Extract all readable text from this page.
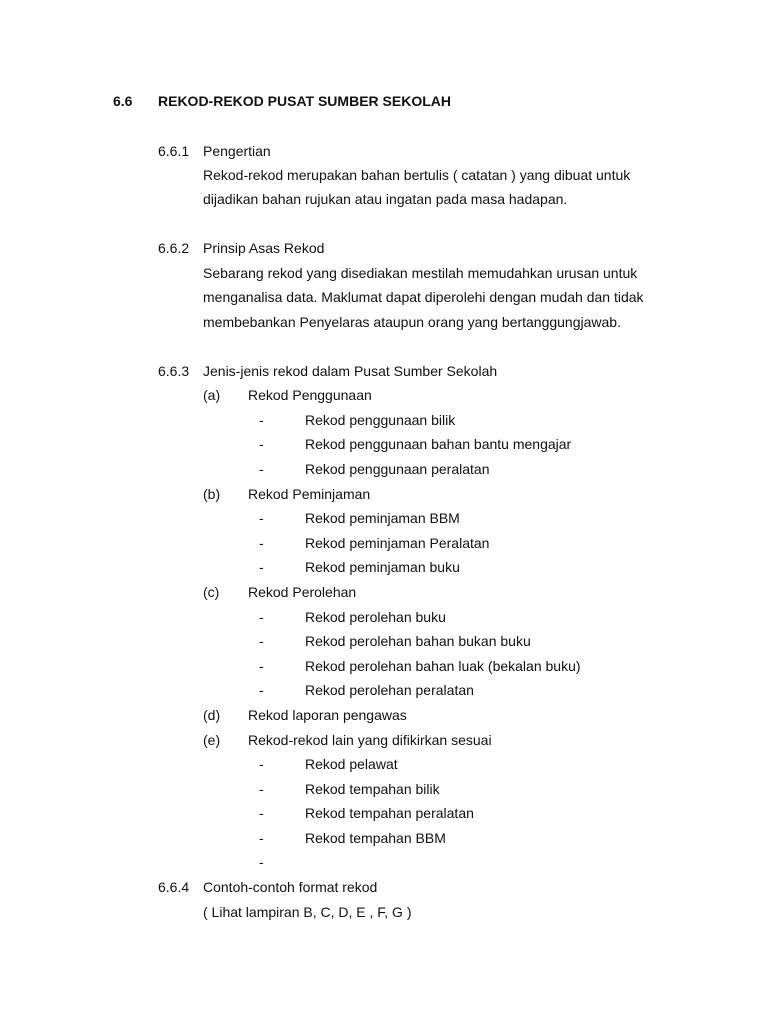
6.6 REKOD-REKOD PUSAT SUMBER SEKOLAH
6.6.1 Pengertian
Rekod-rekod merupakan bahan bertulis ( catatan ) yang dibuat untuk
dijadikan bahan rujukan atau ingatan pada masa hadapan.
6.6.2 Prinsip Asas Rekod
Sebarang rekod yang disediakan mestilah memudahkan urusan untuk
menganalisa data. Maklumat dapat diperolehi dengan mudah dan tidak
membebankan Penyelaras ataupun orang yang bertanggungjawab.
6.6.3 Jenis-jenis rekod dalam Pusat Sumber Sekolah
(a) Rekod Penggunaan
-	Rekod penggunaan bilik
-	Rekod penggunaan bahan bantu mengajar
-	Rekod penggunaan peralatan
(b) Rekod Peminjaman
-	Rekod peminjaman BBM
-	Rekod peminjaman Peralatan
-	Rekod peminjaman buku
(c) Rekod Perolehan
-	Rekod perolehan buku
-	Rekod perolehan bahan bukan buku
-	Rekod perolehan bahan luak (bekalan buku)
-	Rekod perolehan peralatan
(d) Rekod laporan pengawas
(e) Rekod-rekod lain yang difikirkan sesuai
-	Rekod pelawat
-	Rekod tempahan bilik
-	Rekod tempahan peralatan
-	Rekod tempahan BBM
-
6.6.4 Contoh-contoh format rekod
( Lihat lampiran B, C, D, E , F, G )
